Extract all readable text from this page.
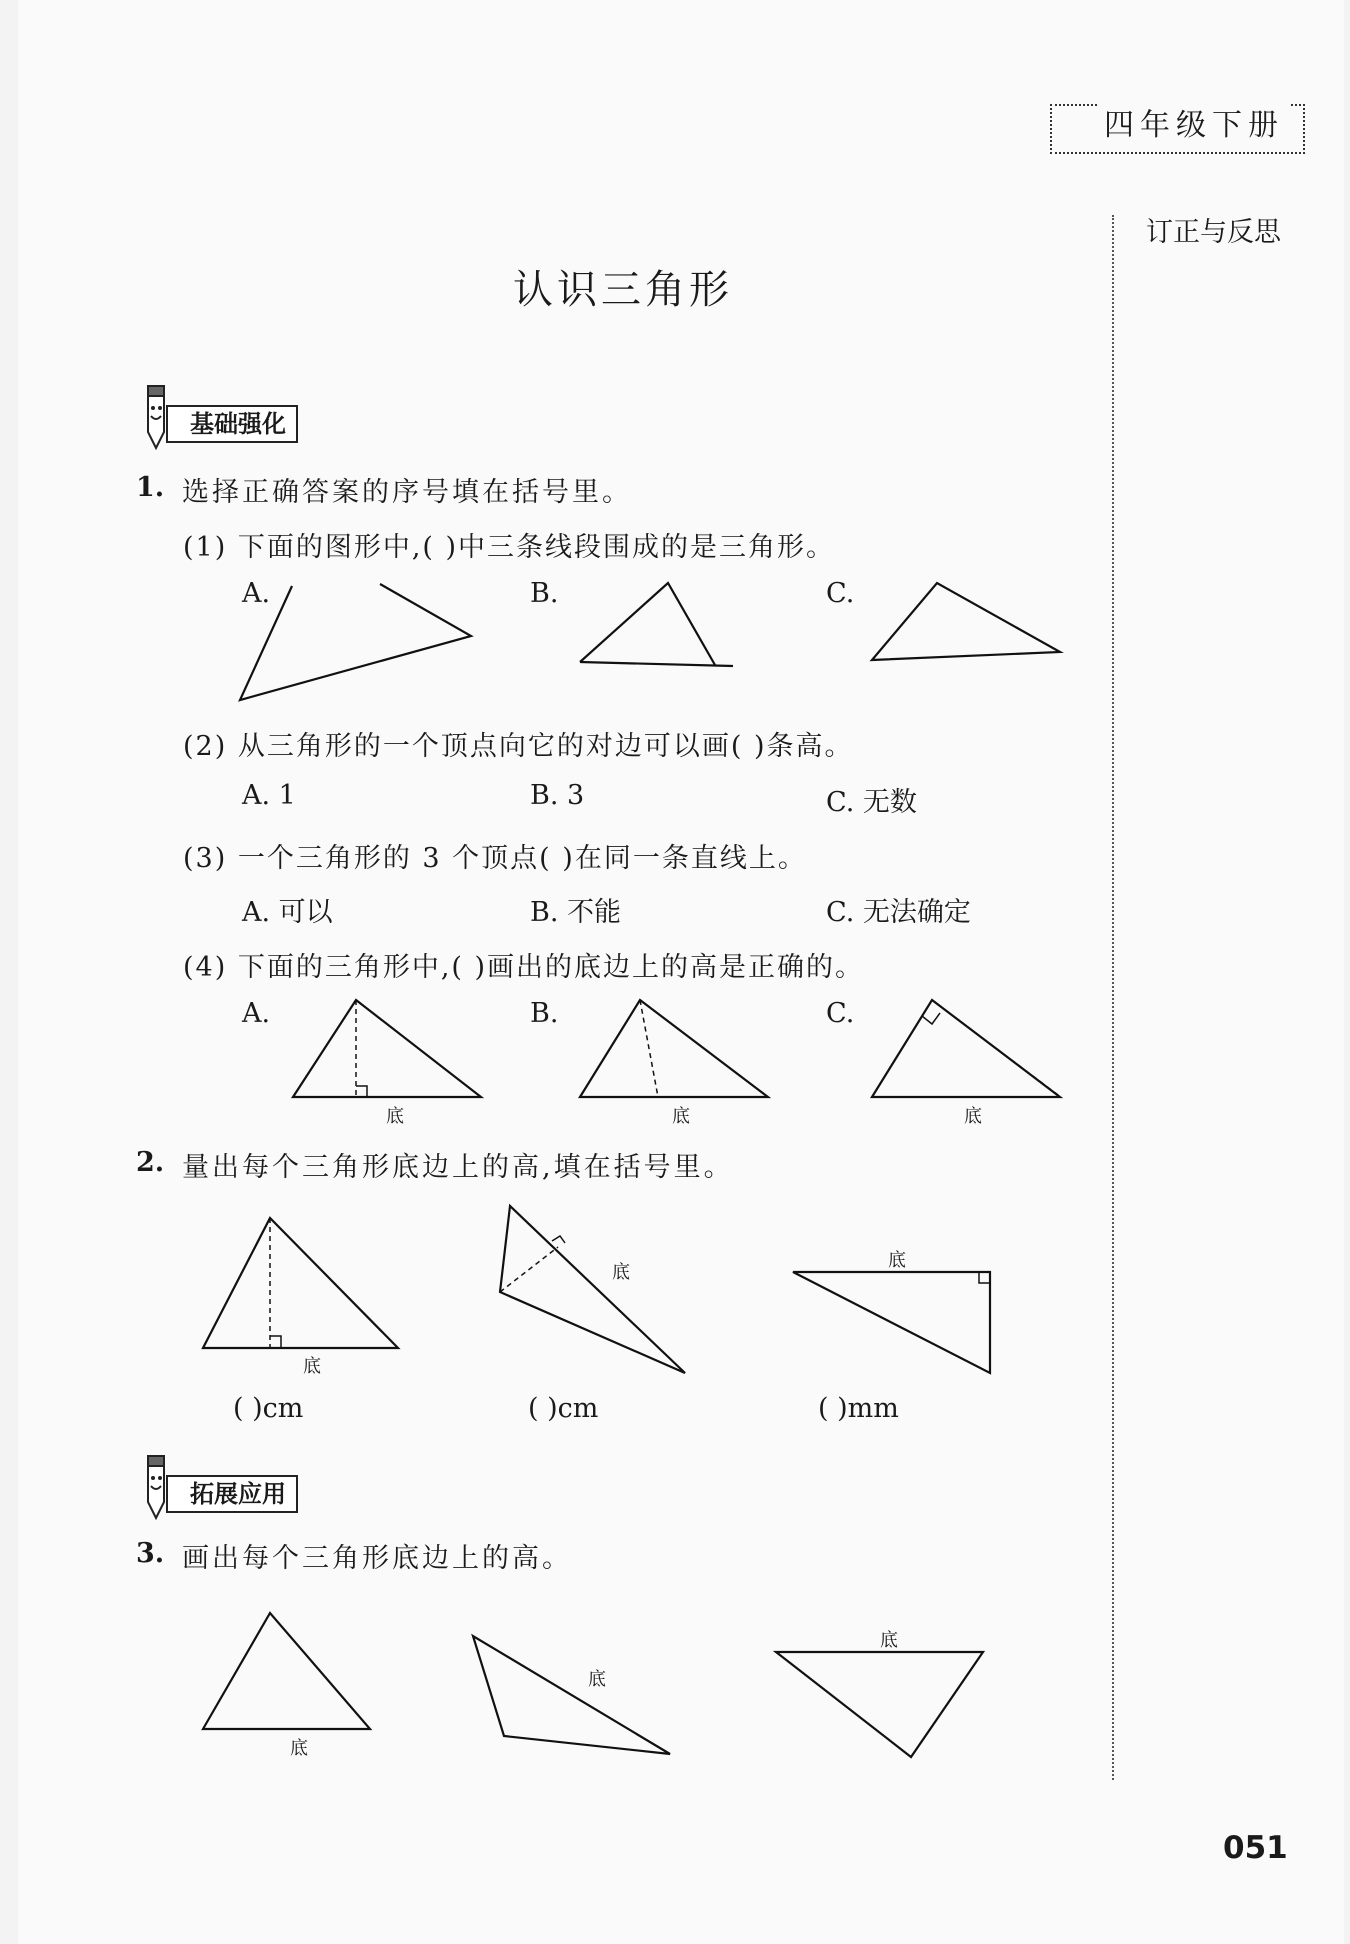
四年级下册
订正与反思
认识三角形
基础强化
1. 选择正确答案的序号填在括号里。
(1) 下面的图形中,( )中三条线段围成的是三角形。
A.	B.	C.
(2) 从三角形的一个顶点向它的对边可以画( )条高。
A. 1	B. 3	C. 无数
(3) 一个三角形的 3 个顶点( )在同一条直线上。
A. 可以	B. 不能	C. 无法确定
(4) 下面的三角形中,( )画出的底边上的高是正确的。
A.	B.	C.
2. 量出每个三角形底边上的高,填在括号里。
( )cm	( )cm	( )mm
拓展应用
3. 画出每个三角形底边上的高。
底	底	底
底
底
底
底
底
底
051
